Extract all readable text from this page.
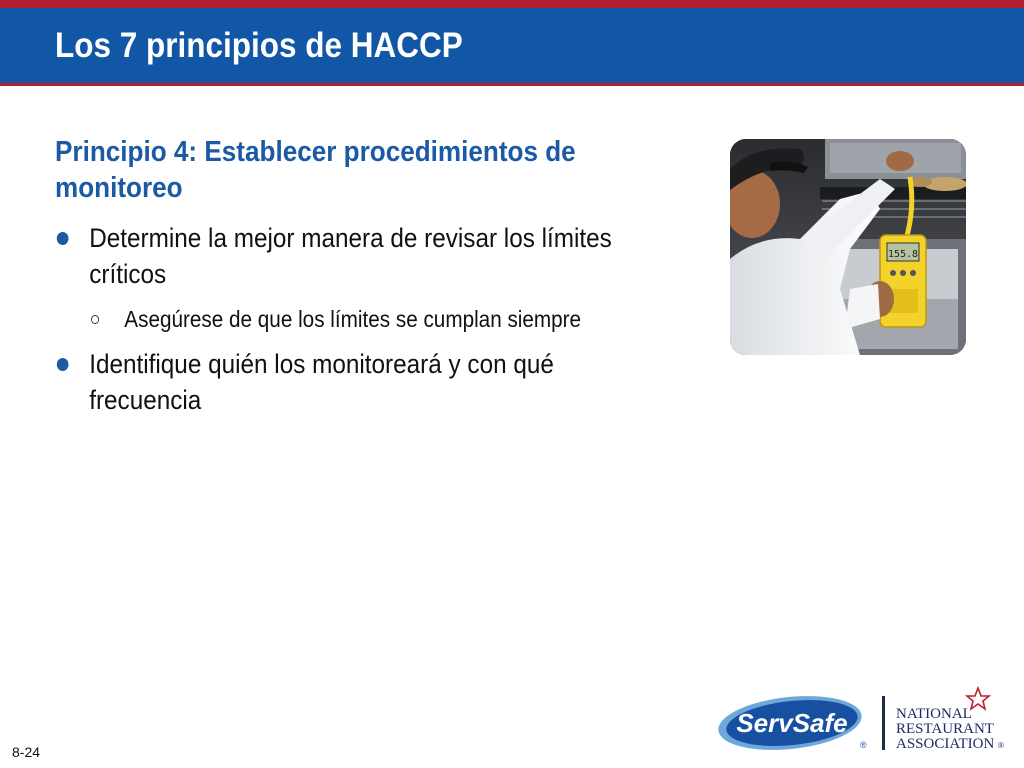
Los 7 principios de HACCP
Principio 4: Establecer procedimientos de monitoreo
Determine la mejor manera de revisar los límites críticos
Asegúrese de que los límites se cumplan siempre
Identifique quién los monitoreará y con qué frecuencia
155.8
8-24
ServSafe
®
NATIONAL
RESTAURANT
ASSOCIATION ®
